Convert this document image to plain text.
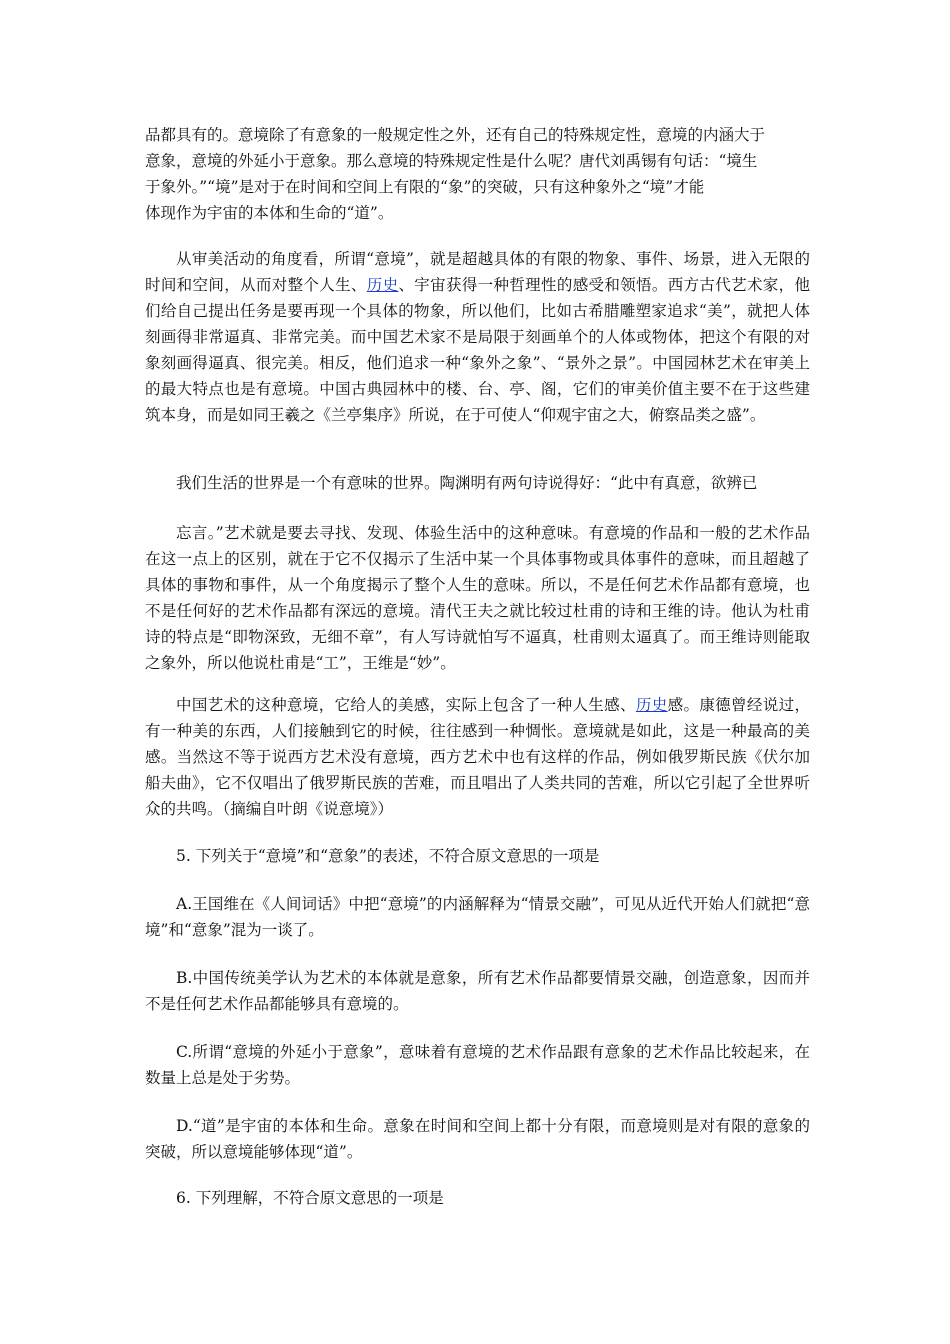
品都具有的。意境除了有意象的一般规定性之外，还有自己的特殊规定性，意境的内涵大于
意象，意境的外延小于意象。那么意境的特殊规定性是什么呢？唐代刘禹锡有句话：“境生
于象外。”“境”是对于在时间和空间上有限的“象”的突破，只有这种象外之“境”才能
体现作为宇宙的本体和生命的“道”。

从审美活动的角度看，所谓“意境”，就是超越具体的有限的物象、事件、场景，进入无限的时间和空间，从而对整个人生、历史、宇宙获得一种哲理性的感受和领悟。西方古代艺术家，他们给自己提出任务是要再现一个具体的物象，所以他们，比如古希腊雕塑家追求“美”，就把人体刻画得非常逼真、非常完美。而中国艺术家不是局限于刻画单个的人体或物体，把这个有限的对象刻画得逼真、很完美。相反，他们追求一种“象外之象”、“景外之景”。中国园林艺术在审美上的最大特点也是有意境。中国古典园林中的楼、台、亭、阁，它们的审美价值主要不在于这些建筑本身，而是如同王羲之《兰亭集序》所说，在于可使人“仰观宇宙之大，俯察品类之盛”。

我们生活的世界是一个有意味的世界。陶渊明有两句诗说得好：“此中有真意，欲辨已

忘言。”艺术就是要去寻找、发现、体验生活中的这种意味。有意境的作品和一般的艺术作品在这一点上的区别，就在于它不仅揭示了生活中某一个具体事物或具体事件的意味，而且超越了具体的事物和事件，从一个角度揭示了整个人生的意味。所以，不是任何艺术作品都有意境，也不是任何好的艺术作品都有深远的意境。清代王夫之就比较过杜甫的诗和王维的诗。他认为杜甫诗的特点是“即物深致，无细不章”，有人写诗就怕写不逼真，杜甫则太逼真了。而王维诗则能取之象外，所以他说杜甫是“工”，王维是“妙”。

中国艺术的这种意境，它给人的美感，实际上包含了一种人生感、历史感。康德曾经说过，有一种美的东西，人们接触到它的时候，往往感到一种惆怅。意境就是如此，这是一种最高的美感。当然这不等于说西方艺术没有意境，西方艺术中也有这样的作品，例如俄罗斯民族《伏尔加船夫曲》，它不仅唱出了俄罗斯民族的苦难，而且唱出了人类共同的苦难，所以它引起了全世界听众的共鸣。（摘编自叶朗《说意境》）

5. 下列关于“意境”和“意象”的表述，不符合原文意思的一项是

A.王国维在《人间词话》中把“意境”的内涵解释为“情景交融”，可见从近代开始人们就把“意境”和“意象”混为一谈了。

B.中国传统美学认为艺术的本体就是意象，所有艺术作品都要情景交融，创造意象，因而并不是任何艺术作品都能够具有意境的。

C.所谓“意境的外延小于意象”，意味着有意境的艺术作品跟有意象的艺术作品比较起来，在数量上总是处于劣势。

D.“道”是宇宙的本体和生命。意象在时间和空间上都十分有限，而意境则是对有限的意象的突破，所以意境能够体现“道”。

6. 下列理解，不符合原文意思的一项是
